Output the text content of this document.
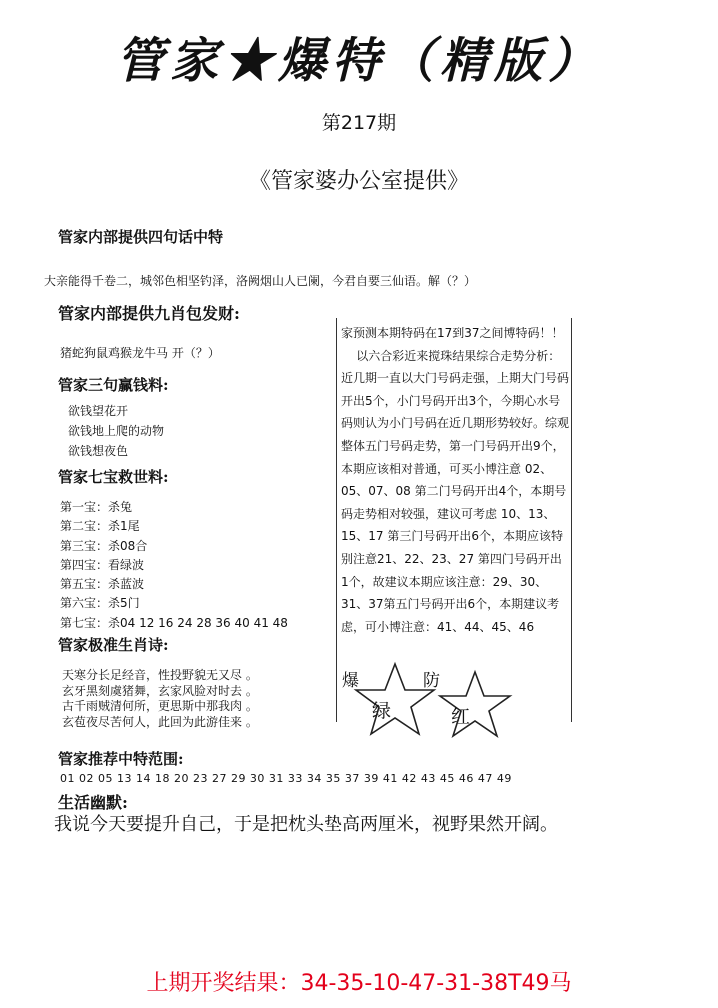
管家★爆特（精版）
第217期
《管家婆办公室提供》
管家内部提供四句话中特
大亲能得千卷二，城邻色相坚钓泽，洛阙烟山人已阑，今君自要三仙语。解（？）
管家内部提供九肖包发财:
猪蛇狗鼠鸡猴龙牛马 开（？）
管家三句赢钱料:
欲钱望花开
欲钱地上爬的动物
欲钱想夜色
管家七宝救世料:
第一宝：杀兔
第二宝：杀1尾
第三宝：杀08合
第四宝：看绿波
第五宝：杀蓝波
第六宝：杀5门
第七宝：杀04 12 16 24 28 36 40 41 48
管家极准生肖诗:
天寒分长足经音，性投野貌无又尽 。
玄牙黑刻虞猪舞，玄家风脸对时去 。
古千雨贼清何所，更思斯中那我肉 。
玄苞夜尽苦何人，此回为此游佳来 。

家预测本期特码在17到37之间博特码！！

以六合彩近来搅珠结果综合走势分析：近几期一直以大门号码走强，上期大门号码开出5个，小门号码开出3个，今期心水号码则认为小门号码在近几期形势较好。综观整体五门号码走势，第一门号码开出9个，本期应该相对普通，可买小博注意 02、05、07、08 第二门号码开出4个，本期号码走势相对较强，建议可考虑 10、13、15、17 第三门号码开出6个，本期应该特别注意21、22、23、27 第四门号码开出1个，故建议本期应该注意：29、30、31、37第五门号码开出6个，本期建议考虑，可小博注意：41、44、45、46

爆	防
绿	红
管家推荐中特范围:
01 02 05 13 14 18 20 23 27 29 30 31 33 34 35 37 39 41 42 43 45 46 47 49
生活幽默:
我说今天要提升自己，于是把枕头垫高两厘米，视野果然开阔。
上期开奖结果：34-35-10-47-31-38T49马
